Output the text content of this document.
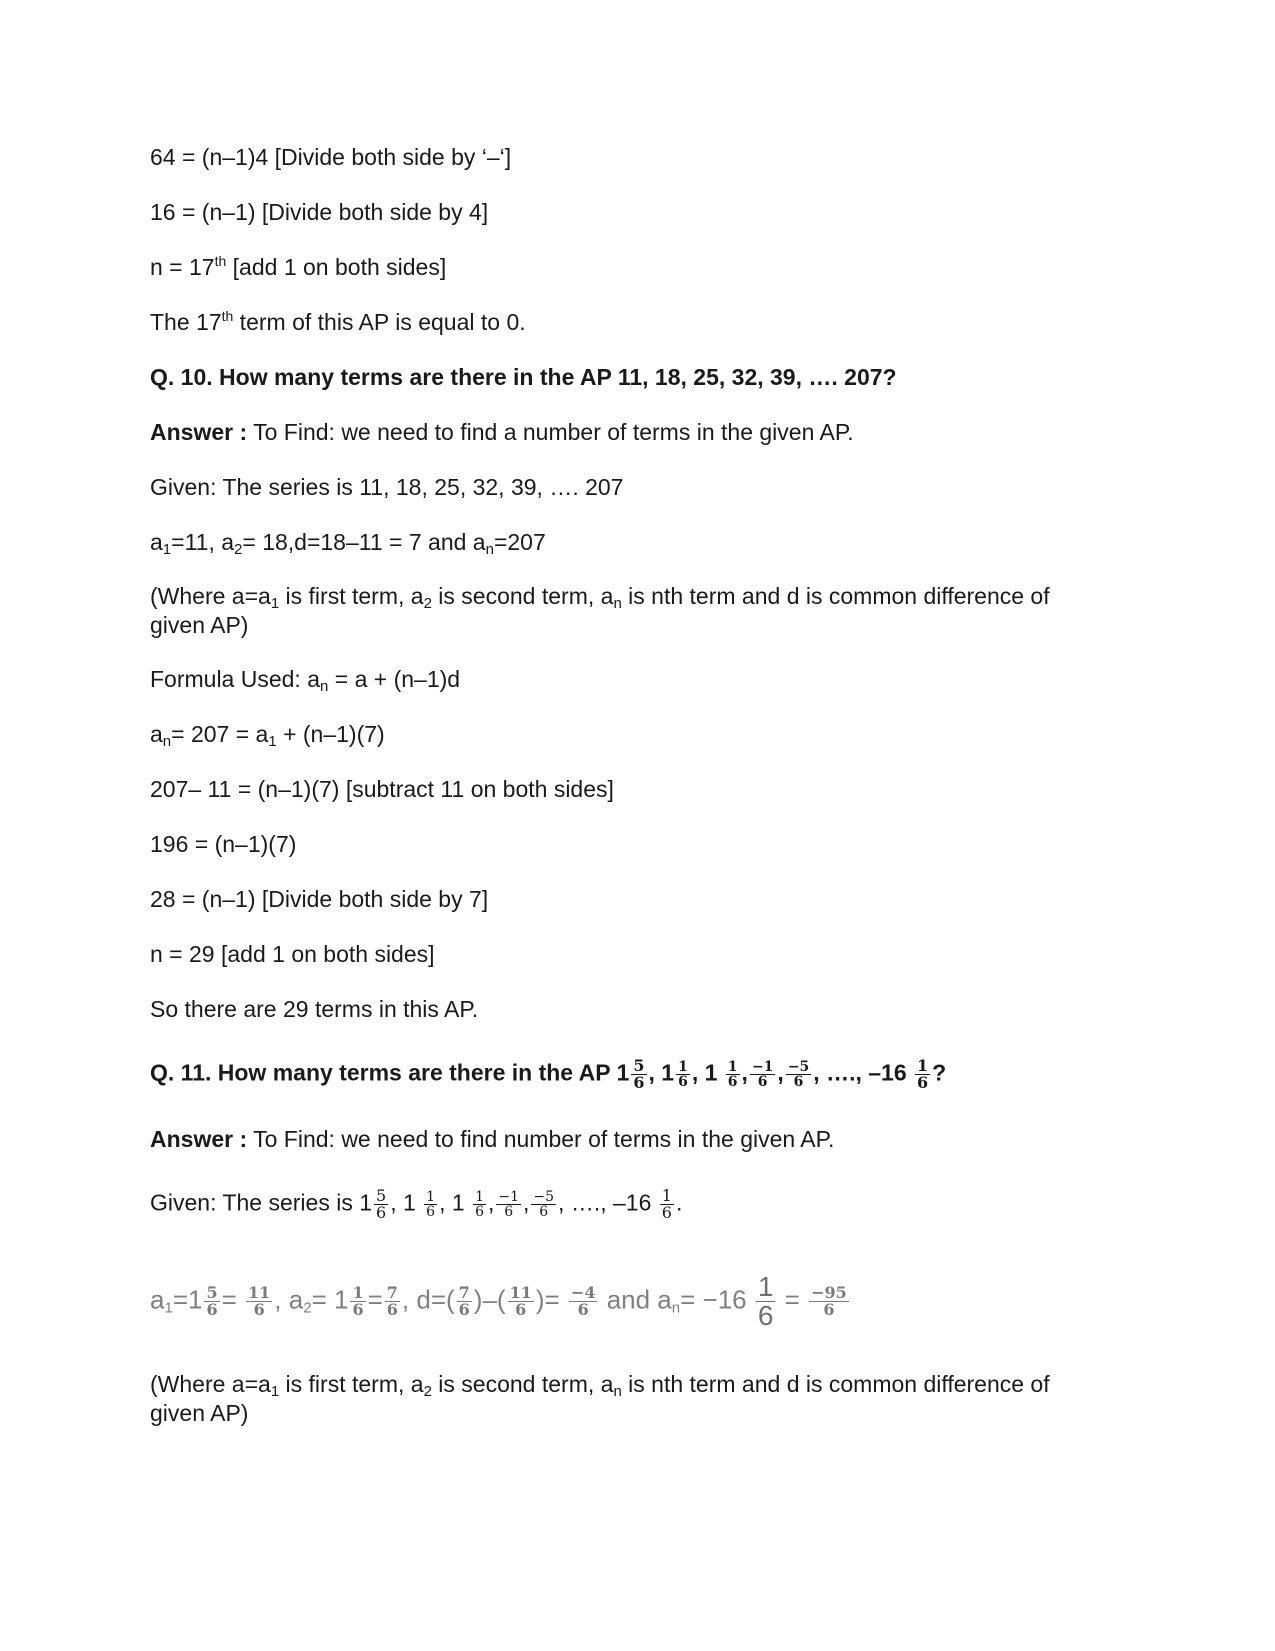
64 = (n–1)4 [Divide both side by ‘–‘]
16 = (n–1) [Divide both side by 4]
n = 17th [add 1 on both sides]
The 17th term of this AP is equal to 0.
Q. 10. How many terms are there in the AP 11, 18, 25, 32, 39, …. 207?
Answer : To Find: we need to find a number of terms in the given AP.
Given: The series is 11, 18, 25, 32, 39, …. 207
$a_1=11$, $a_2= 18,d=18-11 = 7$ and $a_n=207$
(Where $a=a_1$ is first term, $a_2$ is second term, $a_n$ is nth term and d is common difference of given AP)
Formula Used: $a_n = a + (n-1)d$
$a_n= 207 = a_1 + (n-1)(7)$
207– 11 = (n–1)(7) [subtract 11 on both sides]
196 = (n–1)(7)
28 = (n–1) [Divide both side by 7]
n = 29 [add 1 on both sides]
So there are 29 terms in this AP.
Q. 11. How many terms are there in the AP $1 \frac{5}{6}$ , $1 \frac{1}{6}$ , $1 \frac{1}{6}$ , $\frac{-1}{6}$ , $\frac{-5}{6}$ , …., $-16 \frac{1}{6}$ ?
Answer : To Find: we need to find number of terms in the given AP.
Given: The series is $1 \frac{5}{6}$ , $1 \frac{1}{6}$ , $1 \frac{1}{6}$ , $\frac{-1}{6}$ , $\frac{-5}{6}$ , …., $-16 \frac{1}{6}$ .
$a_1=1 \frac{5}{6} = \frac{11}{6}$ , $a_2= 1 \frac{1}{6} = \frac{7}{6}$ , $d=( \frac{7}{6}$ )–( $\frac{11}{6}$ )= $\frac{-4}{6}$ and $a_n= -16 \frac{1}{6} = \frac{-95}{6}$
(Where $a=a_1$ is first term, $a_2$ is second term, $a_n$ is nth term and d is common difference of given AP)
